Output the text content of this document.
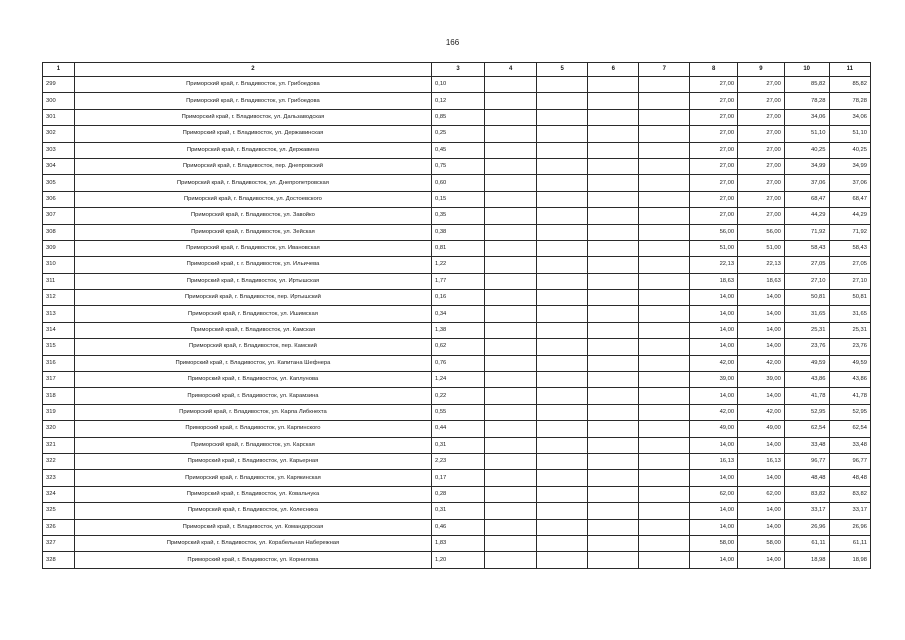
166
1	2	3	4	5	6	7	8	9	10	11
299	Приморский край, г. Владивосток, ул. Грибоедова	0,10					27,00	27,00	85,82	85,82
300	Приморский край, г. Владивосток, ул. Грибоедова	0,12					27,00	27,00	78,28	78,28
301	Приморский край, г. Владивосток, ул. Дальзаводская	0,85					27,00	27,00	34,06	34,06
302	Приморский край, г. Владивосток, ул. Державинская	0,25					27,00	27,00	51,10	51,10
303	Приморский край, г. Владивосток, ул. Державина	0,45					27,00	27,00	40,25	40,25
304	Приморский край, г. Владивосток, пер. Днепровский	0,75					27,00	27,00	34,99	34,99
305	Приморский край, г. Владивосток, ул. Днепропетровская	0,60					27,00	27,00	37,06	37,06
306	Приморский край, г. Владивосток, ул. Достоевского	0,15					27,00	27,00	68,47	68,47
307	Приморский край, г. Владивосток, ул. Завойко	0,35					27,00	27,00	44,29	44,29
308	Приморский край, г. Владивосток, ул. Зейская	0,38					56,00	56,00	71,92	71,92
309	Приморский край, г. Владивосток, ул. Ивановская	0,81					51,00	51,00	58,43	58,43
310	Приморский край, г. г. Владивосток, ул. Ильичева	1,22					22,13	22,13	27,05	27,05
311	Приморский край, г. Владивосток, ул. Иртышская	1,77					18,63	18,63	27,10	27,10
312	Приморский край, г. Владивосток, пер. Иртышский	0,16					14,00	14,00	50,81	50,81
313	Приморский край, г. Владивосток, ул. Ишимская	0,34					14,00	14,00	31,65	31,65
314	Приморский край, г. Владивосток, ул. Камская	1,38					14,00	14,00	25,31	25,31
315	Приморский край, г. Владивосток, пер. Камский	0,62					14,00	14,00	23,76	23,76
316	Приморский край, г. Владивосток, ул. Капитана Шефнера	0,76					42,00	42,00	49,59	49,59
317	Приморский край, г. Владивосток, ул. Каплунова	1,24					39,00	39,00	43,86	43,86
318	Приморский край, г. Владивосток, ул. Карамзина	0,22					14,00	14,00	41,78	41,78
319	Приморский край, г. Владивосток, ул. Карла Либкнехта	0,55					42,00	42,00	52,95	52,95
320	Приморский край, г. Владивосток, ул. Карпинского	0,44					49,00	49,00	62,54	62,54
321	Приморский край, г. Владивосток, ул. Карская	0,31					14,00	14,00	33,48	33,48
322	Приморский край, г. Владивосток, ул. Карьерная	2,23					16,13	16,13	96,77	96,77
323	Приморский край, г. Владивосток, ул. Карякинская	0,17					14,00	14,00	48,48	48,48
324	Приморский край, г. Владивосток, ул. Ковальчука	0,28					62,00	62,00	83,82	83,82
325	Приморский край, г. Владивосток, ул. Колесника	0,31					14,00	14,00	33,17	33,17
326	Приморский край, г. Владивосток, ул. Командорская	0,46					14,00	14,00	26,96	26,96
327	Приморский край, г. Владивосток, ул. Корабельная Набережная	1,83					58,00	58,00	61,11	61,11
328	Приморский край, г. Владивосток, ул. Корнилова	1,20					14,00	14,00	18,98	18,98
